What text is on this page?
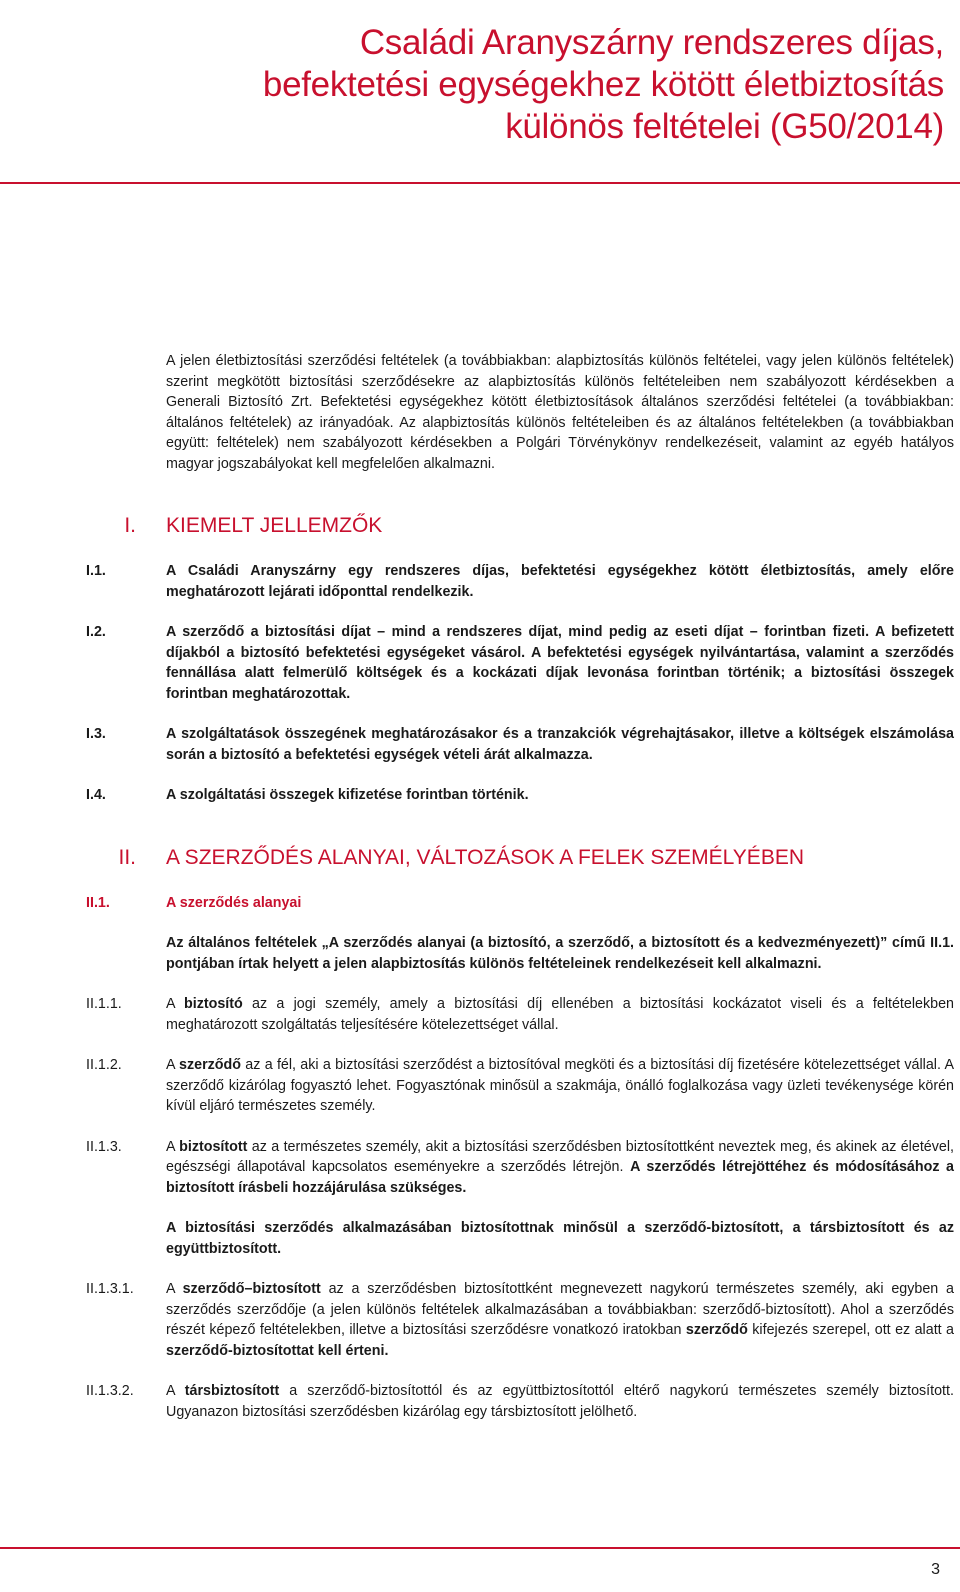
Családi Aranyszárny rendszeres díjas,
befektetési egységekhez kötött életbiztosítás
különös feltételei (G50/2014)

A jelen életbiztosítási szerződési feltételek (a továbbiakban: alapbiztosítás különös feltételei, vagy jelen különös feltételek) szerint megkötött biztosítási szerződésekre az alapbiztosítás különös feltételeiben nem szabályozott kérdésekben a Generali Biztosító Zrt. Befektetési egységekhez kötött életbiztosítások általános szerződési feltételei (a továbbiakban: általános feltételek) az irányadóak. Az alapbiztosítás különös feltételeiben és az általános feltételekben (a továbbiakban együtt: feltételek) nem szabályozott kérdésekben a Polgári Törvénykönyv rendelkezéseit, valamint az egyéb hatályos magyar jogszabályokat kell megfelelően alkalmazni.

I. KIEMELT JELLEMZŐK
I.1.	A Családi Aranyszárny egy rendszeres díjas, befektetési egységekhez kötött életbiztosítás, amely előre meghatározott lejárati időponttal rendelkezik.

I.2.	A szerződő a biztosítási díjat – mind a rendszeres díjat, mind pedig az eseti díjat – forintban fizeti. A befizetett díjakból a biztosító befektetési egységeket vásárol. A befektetési egységek nyilvántartása, valamint a szerződés fennállása alatt felmerülő költségek és a kockázati díjak levonása forintban történik; a biztosítási összegek forintban meghatározottak.

I.3.	A szolgáltatások összegének meghatározásakor és a tranzakciók végrehajtásakor, illetve a költségek elszámolása során a biztosító a befektetési egységek vételi árát alkalmazza.

I.4.	A szolgáltatási összegek kifizetése forintban történik.

II. A SZERZŐDÉS ALANYAI, VÁLTOZÁSOK A FELEK SZEMÉLYÉBEN
II.1.	A szerződés alanyai

Az általános feltételek „A szerződés alanyai (a biztosító, a szerződő, a biztosított és a kedvezményezett)” című II.1. pontjában írtak helyett a jelen alapbiztosítás különös feltételeinek rendelkezéseit kell alkalmazni.

II.1.1.	A biztosító az a jogi személy, amely a biztosítási díj ellenében a biztosítási kockázatot viseli és a feltételekben meghatározott szolgáltatás teljesítésére kötelezettséget vállal.

II.1.2.	A szerződő az a fél, aki a biztosítási szerződést a biztosítóval megköti és a biztosítási díj fizetésére kötelezettséget vállal. A szerződő kizárólag fogyasztó lehet. Fogyasztónak minősül a szakmája, önálló foglalkozása vagy üzleti tevékenysége körén kívül eljáró természetes személy.

II.1.3.	A biztosított az a természetes személy, akit a biztosítási szerződésben biztosítottként neveztek meg, és akinek az életével, egészségi állapotával kapcsolatos eseményekre a szerződés létrejön. A szerződés létrejöttéhez és módosításához a biztosított írásbeli hozzájárulása szükséges.

A biztosítási szerződés alkalmazásában biztosítottnak minősül a szerződő-biztosított, a társbiztosított és az együttbiztosított.

II.1.3.1.	A szerződő–biztosított az a szerződésben biztosítottként megnevezett nagykorú természetes személy, aki egyben a szerződés szerződője (a jelen különös feltételek alkalmazásában a továbbiakban: szerződő-biztosított). Ahol a szerződés részét képező feltételekben, illetve a biztosítási szerződésre vonatkozó iratokban szerződő kifejezés szerepel, ott ez alatt a szerződő-biztosítottat kell érteni.

II.1.3.2.	A társbiztosított a szerződő-biztosítottól és az együttbiztosítottól eltérő nagykorú természetes személy biztosított. Ugyanazon biztosítási szerződésben kizárólag egy társbiztosított jelölhető.

3
